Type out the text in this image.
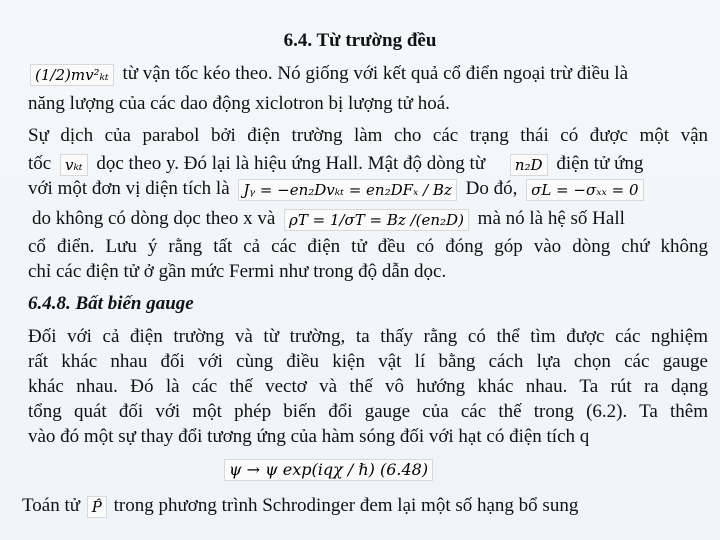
6.4. Từ trường đều
(1/2)mv²ₖₜ từ vận tốc kéo theo. Nó giống với kết quả cổ điển ngoại trừ điều là
năng lượng của các dao động xiclotron bị lượng tử hoá.
Sự dịch của parabol bởi điện trường làm cho các trạng thái có được một vận
tốc vₖₜ dọc theo y. Đó lại là hiệu ứng Hall. Mật độ dòng từ n₂D điện tử ứng
với một đơn vị diện tích là Jᵧ = −en₂Dvₖₜ = en₂DFₓ / Bz Do đó, σL = −σₓₓ = 0
do không có dòng dọc theo x và ρT = 1/σT = Bz /(en₂D) mà nó là hệ số Hall
cổ điển. Lưu ý rằng tất cả các điện tử đều có đóng góp vào dòng chứ không
chỉ các điện tử ở gần mức Fermi như trong độ dẫn dọc.
6.4.8. Bất biến gauge
Đối với cả điện trường và từ trường, ta thấy rằng có thể tìm được các nghiệm
rất khác nhau đối với cùng điều kiện vật lí bằng cách lựa chọn các gauge
khác nhau. Đó là các thế vectơ và thế vô hướng khác nhau. Ta rút ra dạng
tổng quát đối với một phép biến đổi gauge của các thế trong (6.2). Ta thêm
vào đó một sự thay đổi tương ứng của hàm sóng đối với hạt có điện tích q
ψ → ψ exp(iqχ / ℏ) (6.48)
Toán tử P̂ trong phương trình Schrodinger đem lại một số hạng bổ sung
